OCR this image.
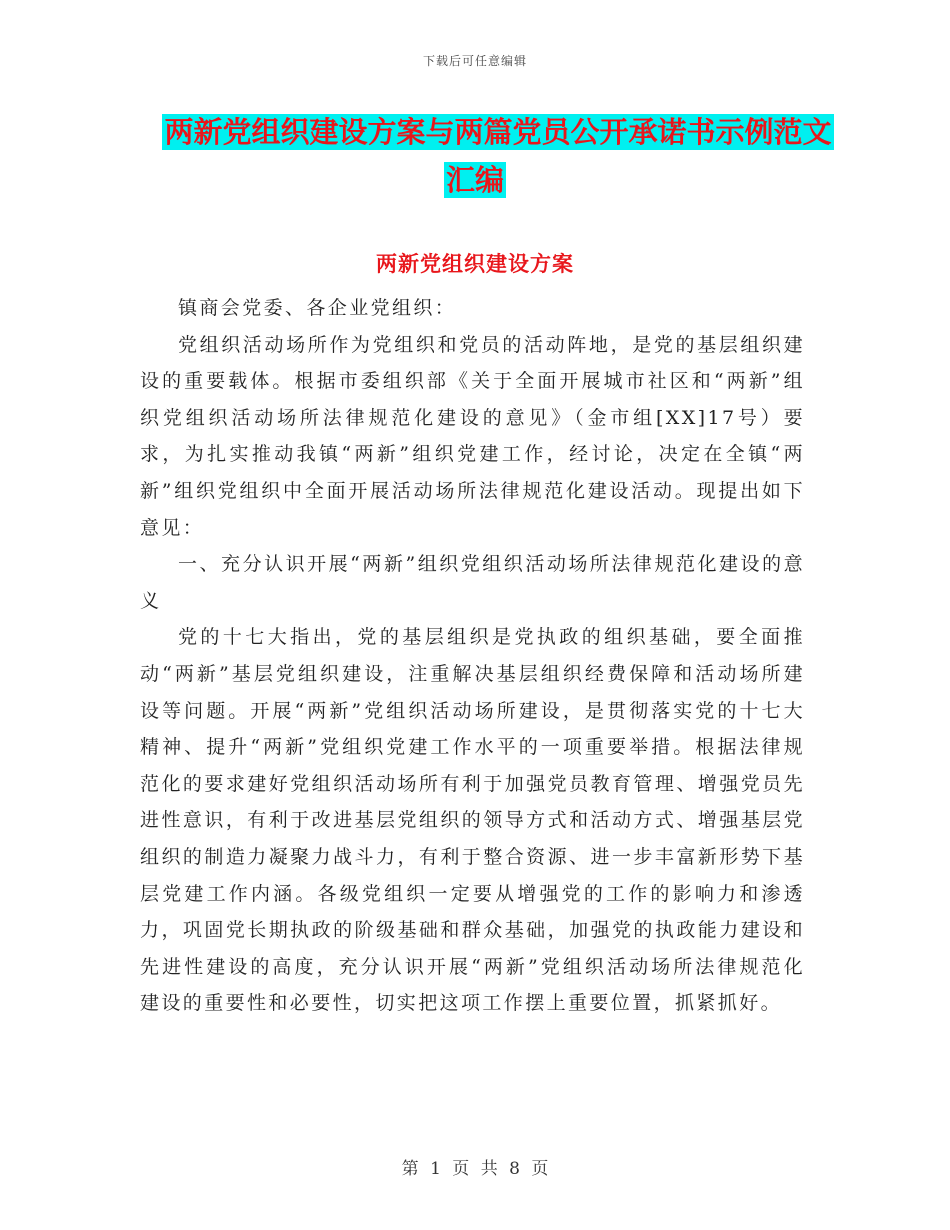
下载后可任意编辑
两新党组织建设方案与两篇党员公开承诺书示例范文
汇编
两新党组织建设方案

镇商会党委、各企业党组织：

党组织活动场所作为党组织和党员的活动阵地，是党的基层组织建设的重要载体。根据市委组织部《关于全面开展城市社区和“两新”组织党组织活动场所法律规范化建设的意见》（金市组[XX]17号）要求，为扎实推动我镇“两新”组织党建工作，经讨论，决定在全镇“两新”组织党组织中全面开展活动场所法律规范化建设活动。现提出如下意见：

一、充分认识开展“两新”组织党组织活动场所法律规范化建设的意义

党的十七大指出，党的基层组织是党执政的组织基础，要全面推动“两新”基层党组织建设，注重解决基层组织经费保障和活动场所建设等问题。开展“两新”党组织活动场所建设，是贯彻落实党的十七大精神、提升“两新”党组织党建工作水平的一项重要举措。根据法律规范化的要求建好党组织活动场所有利于加强党员教育管理、增强党员先进性意识，有利于改进基层党组织的领导方式和活动方式、增强基层党组织的制造力凝聚力战斗力，有利于整合资源、进一步丰富新形势下基层党建工作内涵。各级党组织一定要从增强党的工作的影响力和渗透力，巩固党长期执政的阶级基础和群众基础，加强党的执政能力建设和先进性建设的高度，充分认识开展“两新”党组织活动场所法律规范化建设的重要性和必要性，切实把这项工作摆上重要位置，抓紧抓好。

第 1 页 共 8 页
